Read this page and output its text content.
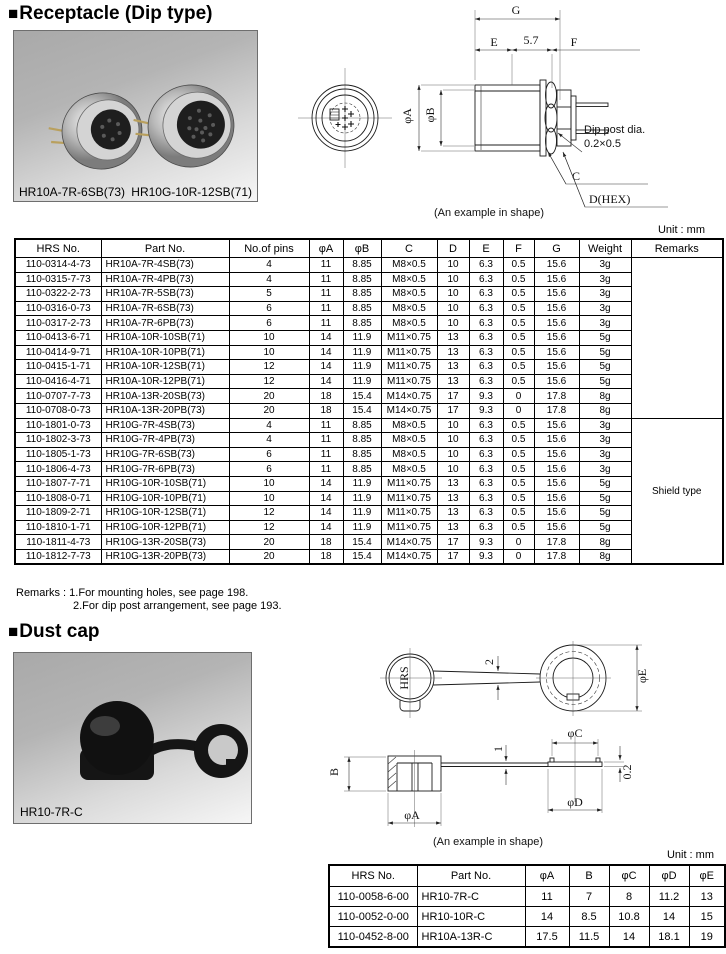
■Receptacle (Dip type)
HR10A-7R-6SB(73) HR10G-10R-12SB(71)
G
E 5.7	F
φA φB
Dip post dia.
0.2×0.5
C
D(HEX)
(An example in shape)
Unit : mm
HRS No.	Part No.	No.of pins	φA	φB	C	D	E	F	G	Weight	Remarks
110-0314-4-73	HR10A-7R-4SB(73)	4	11	8.85	M8×0.5	10	6.3	0.5	15.6	3g	
110-0315-7-73	HR10A-7R-4PB(73)	4	11	8.85	M8×0.5	10	6.3	0.5	15.6	3g	
110-0322-2-73	HR10A-7R-5SB(73)	5	11	8.85	M8×0.5	10	6.3	0.5	15.6	3g	
110-0316-0-73	HR10A-7R-6SB(73)	6	11	8.85	M8×0.5	10	6.3	0.5	15.6	3g	
110-0317-2-73	HR10A-7R-6PB(73)	6	11	8.85	M8×0.5	10	6.3	0.5	15.6	3g	
110-0413-6-71	HR10A-10R-10SB(71)	10	14	11.9	M11×0.75	13	6.3	0.5	15.6	5g	
110-0414-9-71	HR10A-10R-10PB(71)	10	14	11.9	M11×0.75	13	6.3	0.5	15.6	5g	
110-0415-1-71	HR10A-10R-12SB(71)	12	14	11.9	M11×0.75	13	6.3	0.5	15.6	5g	
110-0416-4-71	HR10A-10R-12PB(71)	12	14	11.9	M11×0.75	13	6.3	0.5	15.6	5g	
110-0707-7-73	HR10A-13R-20SB(73)	20	18	15.4	M14×0.75	17	9.3	0	17.8	8g	
110-0708-0-73	HR10A-13R-20PB(73)	20	18	15.4	M14×0.75	17	9.3	0	17.8	8g	
110-1801-0-73	HR10G-7R-4SB(73)	4	11	8.85	M8×0.5	10	6.3	0.5	15.6	3g	Shield type
110-1802-3-73	HR10G-7R-4PB(73)	4	11	8.85	M8×0.5	10	6.3	0.5	15.6	3g	
110-1805-1-73	HR10G-7R-6SB(73)	6	11	8.85	M8×0.5	10	6.3	0.5	15.6	3g	
110-1806-4-73	HR10G-7R-6PB(73)	6	11	8.85	M8×0.5	10	6.3	0.5	15.6	3g	
110-1807-7-71	HR10G-10R-10SB(71)	10	14	11.9	M11×0.75	13	6.3	0.5	15.6	5g	
110-1808-0-71	HR10G-10R-10PB(71)	10	14	11.9	M11×0.75	13	6.3	0.5	15.6	5g	
110-1809-2-71	HR10G-10R-12SB(71)	12	14	11.9	M11×0.75	13	6.3	0.5	15.6	5g	
110-1810-1-71	HR10G-10R-12PB(71)	12	14	11.9	M11×0.75	13	6.3	0.5	15.6	5g	
110-1811-4-73	HR10G-13R-20SB(73)	20	18	15.4	M14×0.75	17	9.3	0	17.8	8g	
110-1812-7-73	HR10G-13R-20PB(73)	20	18	15.4	M14×0.75	17	9.3	0	17.8	8g	
Remarks : 1.For mounting holes, see page 198.
2.For dip post arrangement, see page 193.
■Dust cap
HR10-7R-C
HRS
2
φE
B
1
φC
φD
0.2
φA
(An example in shape)
Unit : mm
HRS No.	Part No.	φA	B	φC	φD	φE
110-0058-6-00	HR10-7R-C	11	7	8	11.2	13
110-0052-0-00	HR10-10R-C	14	8.5	10.8	14	15
110-0452-8-00	HR10A-13R-C	17.5	11.5	14	18.1	19
